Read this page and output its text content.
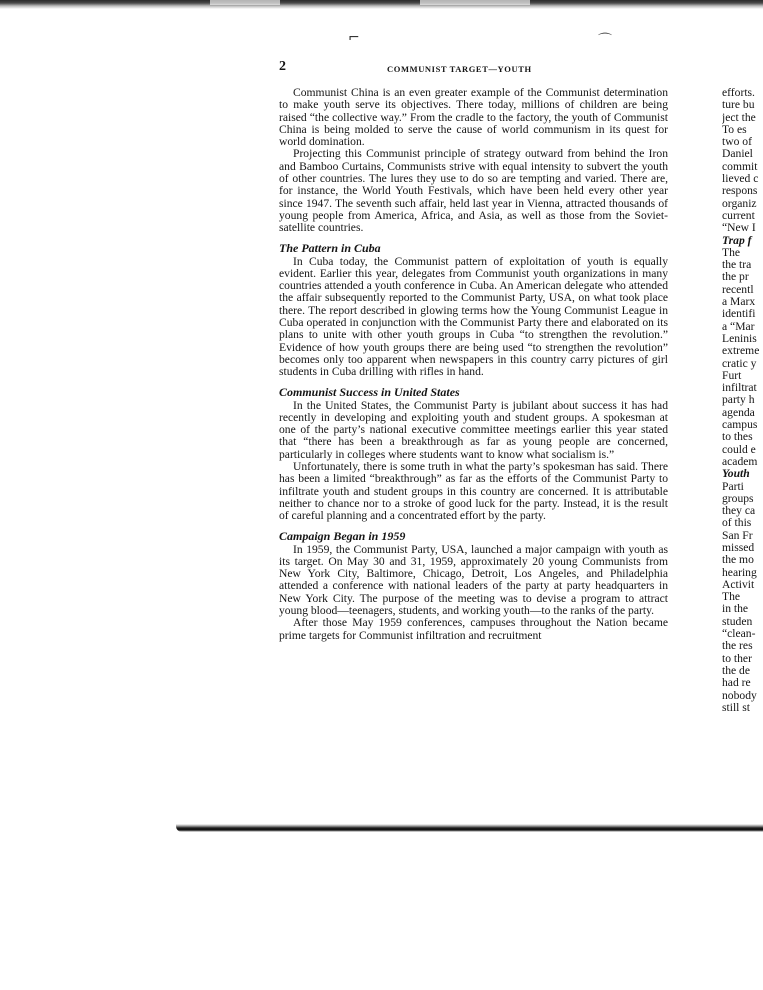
⌐	⌒
2	COMMUNIST TARGET—YOUTH

Communist China is an even greater example of the Communist determination to make youth serve its objectives. There today, millions of children are being raised “the collective way.” From the cradle to the factory, the youth of Communist China is being molded to serve the cause of world communism in its quest for world domination.

Projecting this Communist principle of strategy outward from behind the Iron and Bamboo Curtains, Communists strive with equal intensity to subvert the youth of other countries. The lures they use to do so are tempting and varied. There are, for instance, the World Youth Festivals, which have been held every other year since 1947. The seventh such affair, held last year in Vienna, attracted thousands of young people from America, Africa, and Asia, as well as those from the Soviet-satellite countries.

The Pattern in Cuba

In Cuba today, the Communist pattern of exploitation of youth is equally evident. Earlier this year, delegates from Communist youth organizations in many countries attended a youth conference in Cuba. An American delegate who attended the affair subsequently reported to the Communist Party, USA, on what took place there. The report described in glowing terms how the Young Communist League in Cuba operated in conjunction with the Communist Party there and elaborated on its plans to unite with other youth groups in Cuba “to strengthen the revolution.” Evidence of how youth groups there are being used “to strengthen the revolution” becomes only too apparent when newspapers in this country carry pictures of girl students in Cuba drilling with rifles in hand.

Communist Success in United States

In the United States, the Communist Party is jubilant about success it has had recently in developing and exploiting youth and student groups. A spokesman at one of the party’s national executive committee meetings earlier this year stated that “there has been a breakthrough as far as young people are concerned, particularly in colleges where students want to know what socialism is.”

Unfortunately, there is some truth in what the party’s spokesman has said. There has been a limited “breakthrough” as far as the efforts of the Communist Party to infiltrate youth and student groups in this country are concerned. It is attributable neither to chance nor to a stroke of good luck for the party. Instead, it is the result of careful planning and a concentrated effort by the party.

Campaign Began in 1959

In 1959, the Communist Party, USA, launched a major campaign with youth as its target. On May 30 and 31, 1959, approximately 20 young Communists from New York City, Baltimore, Chicago, Detroit, Los Angeles, and Philadelphia attended a conference with national leaders of the party at party headquarters in New York City. The purpose of the meeting was to devise a program to attract young blood—teenagers, students, and working youth—to the ranks of the party.

After those May 1959 conferences, campuses throughout the Nation became prime targets for Communist infiltration and recruitment

efforts.
ture bu
ject the
To es
two of
Daniel
commit
lieved c
respons
organiz
current
“New I
Trap f
The
the tra
the pr
recentl
a Marx
identifi
a “Mar
Leninis
extreme
cratic y
Furt
infiltrat
party h
agenda
campus
to thes
could e
academ
Youth
Parti
groups
they ca
of this
San Fr
missed
the mo
hearing
Activit
The
in the
studen
“clean-
the res
to ther
the de
had re
nobody
still st
